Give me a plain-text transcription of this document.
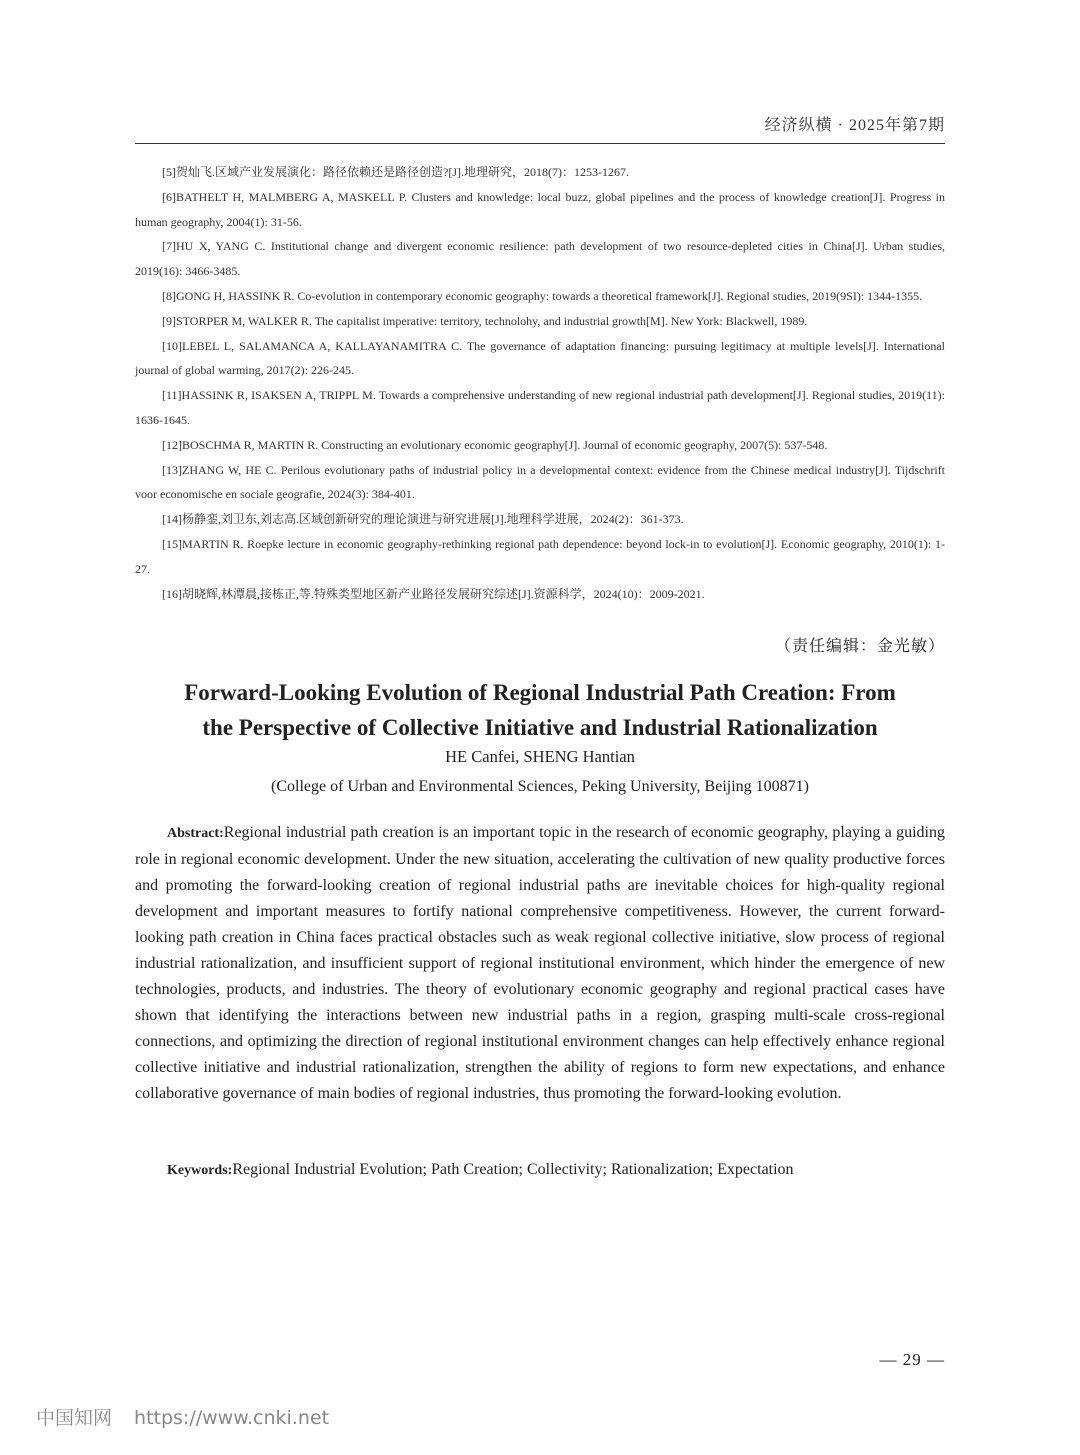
经济纵横 · 2025年第7期
[5]贺灿飞.区域产业发展演化：路径依赖还是路径创造?[J].地理研究，2018(7)：1253-1267.
[6]BATHELT H, MALMBERG A, MASKELL P. Clusters and knowledge: local buzz, global pipelines and the process of knowledge creation[J]. Progress in human geography, 2004(1): 31-56.
[7]HU X, YANG C. Institutional change and divergent economic resilience: path development of two resource-depleted cities in China[J]. Urban studies, 2019(16): 3466-3485.
[8]GONG H, HASSINK R. Co-evolution in contemporary economic geography: towards a theoretical framework[J]. Regional studies, 2019(9SI): 1344-1355.
[9]STORPER M, WALKER R. The capitalist imperative: territory, technolohy, and industrial growth[M]. New York: Blackwell, 1989.
[10]LEBEL L, SALAMANCA A, KALLAYANAMITRA C. The governance of adaptation financing: pursuing legitimacy at multiple levels[J]. International journal of global warming, 2017(2): 226-245.
[11]HASSINK R, ISAKSEN A, TRIPPL M. Towards a comprehensive understanding of new regional industrial path development[J]. Regional studies, 2019(11): 1636-1645.
[12]BOSCHMA R, MARTIN R. Constructing an evolutionary economic geography[J]. Journal of economic geography, 2007(5): 537-548.
[13]ZHANG W, HE C. Perilous evolutionary paths of industrial policy in a developmental context: evidence from the Chinese medical industry[J]. Tijdschrift voor economische en sociale geografie, 2024(3): 384-401.
[14]杨静銮,刘卫东,刘志高.区域创新研究的理论演进与研究进展[J].地理科学进展，2024(2)：361-373.
[15]MARTIN R. Roepke lecture in economic geography-rethinking regional path dependence: beyond lock-in to evolution[J]. Economic geography, 2010(1): 1-27.
[16]胡晓辉,林潭晨,接栋正,等.特殊类型地区新产业路径发展研究综述[J].资源科学，2024(10)：2009-2021.
（责任编辑：金光敏）
Forward-Looking Evolution of Regional Industrial Path Creation: From
the Perspective of Collective Initiative and Industrial Rationalization
HE Canfei, SHENG Hantian
(College of Urban and Environmental Sciences, Peking University, Beijing 100871)
Abstract:Regional industrial path creation is an important topic in the research of economic geography, playing a guiding role in regional economic development. Under the new situation, accelerating the cultivation of new quality productive forces and promoting the forward-looking creation of regional industrial paths are inevitable choices for high-quality regional development and important measures to fortify national comprehensive competitiveness. However, the current forward-looking path creation in China faces practical obstacles such as weak regional collective initiative, slow process of regional industrial rationalization, and insufficient support of regional institutional environment, which hinder the emergence of new technologies, products, and industries. The theory of evolutionary economic geography and regional practical cases have shown that identifying the interactions between new industrial paths in a region, grasping multi-scale cross-regional connections, and optimizing the direction of regional institutional environment changes can help effectively enhance regional collective initiative and industrial rationalization, strengthen the ability of regions to form new expectations, and enhance collaborative governance of main bodies of regional industries, thus promoting the forward-looking evolution.
Keywords:Regional Industrial Evolution; Path Creation; Collectivity; Rationalization; Expectation
— 29 —
中国知网 https://www.cnki.net
